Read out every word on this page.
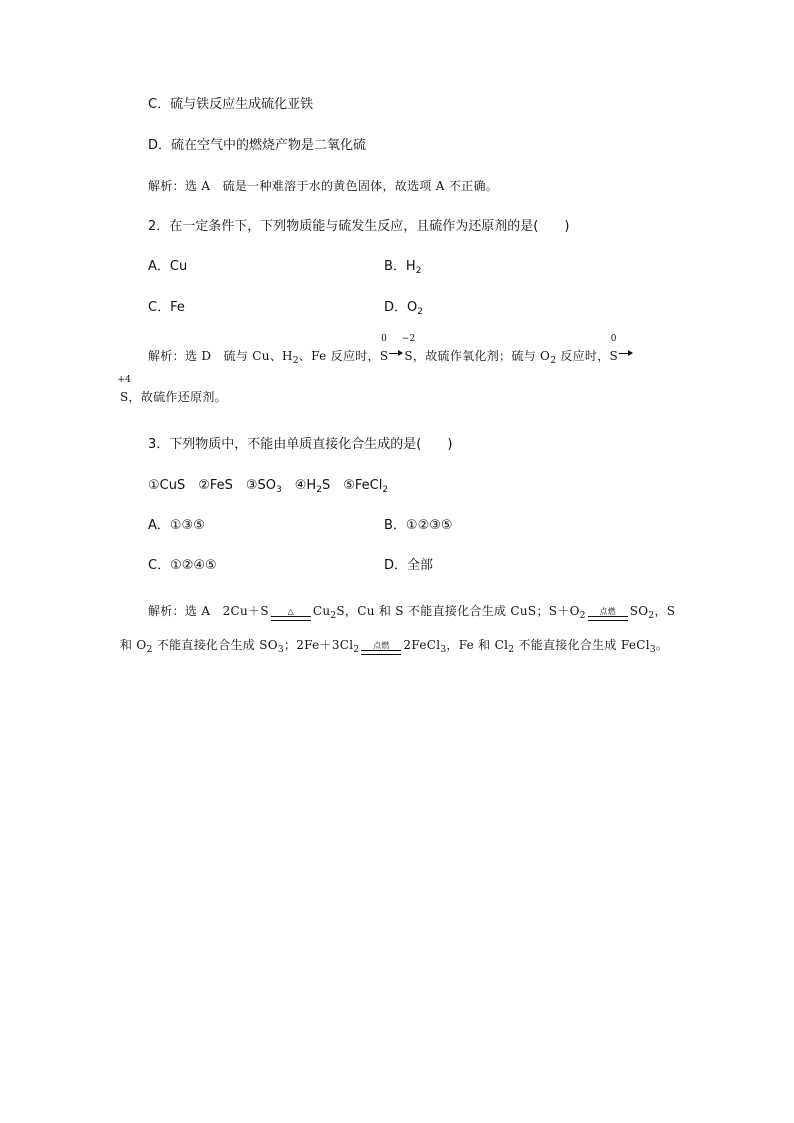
C．硫与铁反应生成硫化亚铁
D．硫在空气中的燃烧产物是二氧化硫
解析：选 A　硫是一种难溶于水的黄色固体，故选项 A 不正确。
2．在一定条件下，下列物质能与硫发生反应，且硫作为还原剂的是(　　)
A．Cu	B．$H_2$
C．Fe	D．$O_2$
解析：选 D　硫与 Cu、$H_2$、Fe 反应时，
0
S
−2
S，故硫作氧化剂；硫与 $O_2$ 反应时，
0
S
+4
S，故硫作还原剂。
3．下列物质中，不能由单质直接化合生成的是(　　)
①CuS　②FeS　$③SO_3$　$④H_2S$　⑤FeCl$_2$
A．①③⑤	B．①②③⑤
C．①②④⑤	D．全部
解析：选 A　2Cu＋S △ $Cu_2S$，Cu 和 S 不能直接化合生成 CuS；$S+O_2$ 点燃 $SO_2$，S
和 $O_2$ 不能直接化合生成 $SO_3$；$2Fe+3Cl_2$ 点燃 2FeCl$_3$，Fe 和 $Cl_2$ 不能直接化合生成 FeCl$_3$。
